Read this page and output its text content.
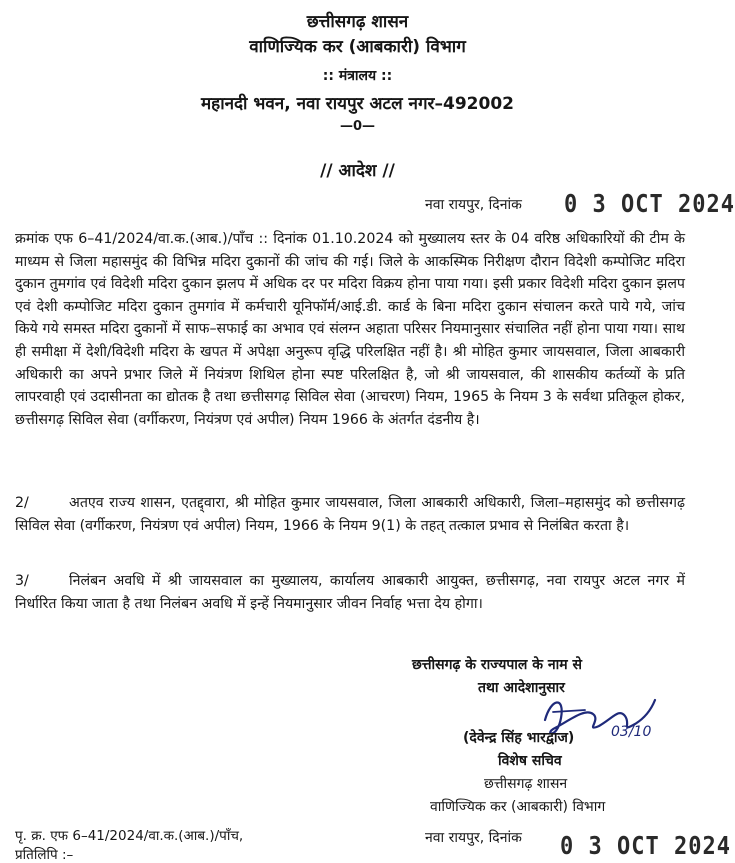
छत्तीसगढ़ शासन
वाणिज्यिक कर (आबकारी) विभाग
:: मंत्रालय ::
महानदी भवन, नवा रायपुर अटल नगर–492002
—0—
// आदेश //
नवा रायपुर, दिनांक 0 3 OCT 2024
क्रमांक एफ 6–41/2024/वा.क.(आब.)/पाँच :: दिनांक 01.10.2024 को मुख्यालय स्तर के 04 वरिष्ठ अधिकारियों की टीम के माध्यम से जिला महासमुंद की विभिन्न मदिरा दुकानों की जांच की गई। जिले के आकस्मिक निरीक्षण दौरान विदेशी कम्पोजिट मदिरा दुकान तुमगांव एवं विदेशी मदिरा दुकान झलप में अधिक दर पर मदिरा विक्रय होना पाया गया। इसी प्रकार विदेशी मदिरा दुकान झलप एवं देशी कम्पोजिट मदिरा दुकान तुमगांव में कर्मचारी यूनिफॉर्म/आई.डी. कार्ड के बिना मदिरा दुकान संचालन करते पाये गये, जांच किये गये समस्त मदिरा दुकानों में साफ–सफाई का अभाव एवं संलग्न अहाता परिसर नियमानुसार संचालित नहीं होना पाया गया। साथ ही समीक्षा में देशी/विदेशी मदिरा के खपत में अपेक्षा अनुरूप वृद्धि परिलक्षित नहीं है। श्री मोहित कुमार जायसवाल, जिला आबकारी अधिकारी का अपने प्रभार जिले में नियंत्रण शिथिल होना स्पष्ट परिलक्षित है, जो श्री जायसवाल, की शासकीय कर्तव्यों के प्रति लापरवाही एवं उदासीनता का द्योतक है तथा छत्तीसगढ़ सिविल सेवा (आचरण) नियम, 1965 के नियम 3 के सर्वथा प्रतिकूल होकर, छत्तीसगढ़ सिविल सेवा (वर्गीकरण, नियंत्रण एवं अपील) नियम 1966 के अंतर्गत दंडनीय है।
2/	अतएव राज्य शासन, एतद्द्वारा, श्री मोहित कुमार जायसवाल, जिला आबकारी अधिकारी, जिला–महासमुंद को छत्तीसगढ़ सिविल सेवा (वर्गीकरण, नियंत्रण एवं अपील) नियम, 1966 के नियम 9(1) के तहत् तत्काल प्रभाव से निलंबित करता है।
3/	निलंबन अवधि में श्री जायसवाल का मुख्यालय, कार्यालय आबकारी आयुक्त, छत्तीसगढ़, नवा रायपुर अटल नगर में निर्धारित किया जाता है तथा निलंबन अवधि में इन्हें नियमानुसार जीवन निर्वाह भत्ता देय होगा।
छत्तीसगढ़ के राज्यपाल के नाम से
तथा आदेशानुसार
(देवेन्द्र सिंह भारद्वाज)	03/10
विशेष सचिव
छत्तीसगढ़ शासन
वाणिज्यिक कर (आबकारी) विभाग
पृ. क्र. एफ 6–41/2024/वा.क.(आब.)/पाँच,
प्रतिलिपि :–
नवा रायपुर, दिनांक 0 3 OCT 2024
